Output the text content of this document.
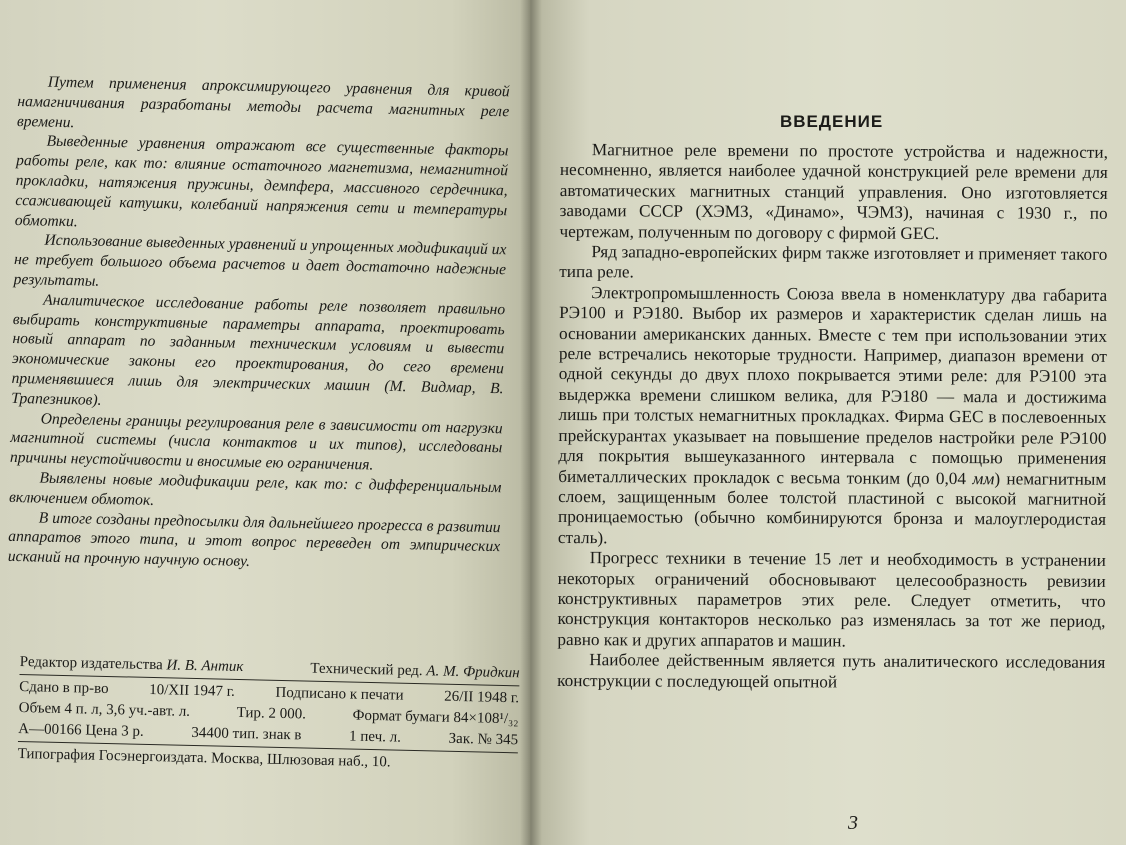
Путем применения апроксимирующего уравнения для кривой намагничивания разработаны методы расчета магнитных реле времени.

Выведенные уравнения отражают все существенные факторы работы реле, как то: влияние остаточного магнетизма, немагнитной прокладки, натяжения пружины, демпфера, массивного сердечника, ссаживающей катушки, колебаний напряжения сети и температуры обмотки.

Использование выведенных уравнений и упрощенных модификаций их не требует большого объема расчетов и дает достаточно надежные результаты.

Аналитическое исследование работы реле позволяет правильно выбирать конструктивные параметры аппарата, проектировать новый аппарат по заданным техническим условиям и вывести экономические законы его проектирования, до сего времени применявшиеся лишь для электрических машин (М. Видмар, В. Трапезников).

Определены границы регулирования реле в зависимости от нагрузки магнитной системы (числа контактов и их типов), исследованы причины неустойчивости и вносимые ею ограничения.

Выявлены новые модификации реле, как то: с дифференциальным включением обмоток.

В итоге созданы предпосылки для дальнейшего прогресса в развитии аппаратов этого типа, и этот вопрос переведен от эмпирических исканий на прочную научную основу.

Редактор издательства И. В. Антик	Технический ред. А. М. Фридкин
Сдано в пр-во	10/XII 1947 г.	Подписано к печати	26/II 1948 г.
Объем 4 п. л, 3,6 уч.-авт. л.	Тир. 2 000.	Формат бумаги 84×108¹/₃₂
А—00166 Цена 3 р.	34400 тип. знак в	1 печ. л.	Зак. № 345
Типография Госэнергоиздата. Москва, Шлюзовая наб., 10.
ВВЕДЕНИЕ

Магнитное реле времени по простоте устройства и надежности, несомненно, является наиболее удачной конструкцией реле времени для автоматических магнитных станций управления. Оно изготовляется заводами СССР (ХЭМЗ, «Динамо», ЧЭМЗ), начиная с 1930 г., по чертежам, полученным по договору с фирмой GEC.

Ряд западно-европейских фирм также изготовляет и применяет такого типа реле.

Электропромышленность Союза ввела в номенклатуру два габарита РЭ100 и РЭ180. Выбор их размеров и характеристик сделан лишь на основании американских данных. Вместе с тем при использовании этих реле встречались некоторые трудности. Например, диапазон времени от одной секунды до двух плохо покрывается этими реле: для РЭ100 эта выдержка времени слишком велика, для РЭ180 — мала и достижима лишь при толстых немагнитных прокладках. Фирма GEC в послевоенных прейскурантах указывает на повышение пределов настройки реле РЭ100 для покрытия вышеуказанного интервала с помощью применения биметаллических прокладок с весьма тонким (до 0,04 мм) немагнитным слоем, защищенным более толстой пластиной с высокой магнитной проницаемостью (обычно комбинируются бронза и малоуглеродистая сталь).

Прогресс техники в течение 15 лет и необходимость в устранении некоторых ограничений обосновывают целесообразность ревизии конструктивных параметров этих реле. Следует отметить, что конструкция контакторов несколько раз изменялась за тот же период, равно как и других аппаратов и машин.

Наиболее действенным является путь аналитического исследования конструкции с последующей опытной

3
